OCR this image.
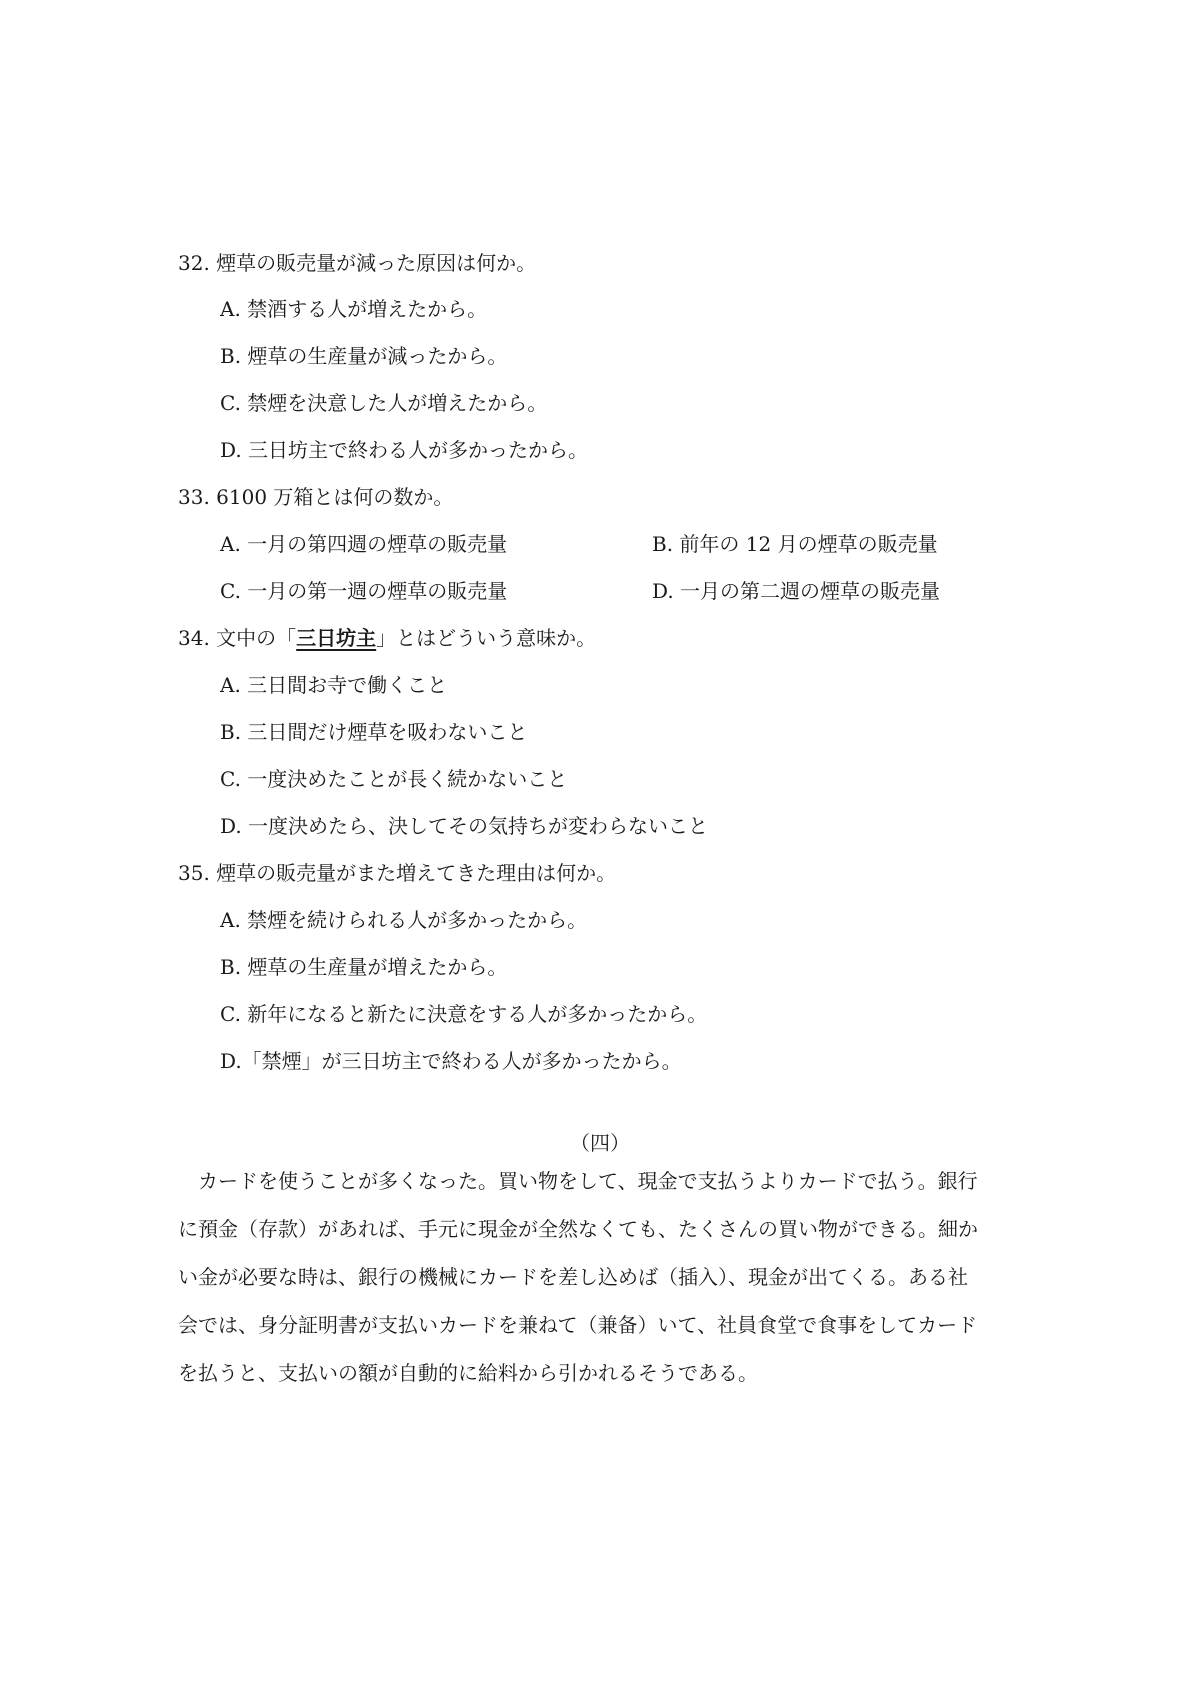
32. 煙草の販売量が減った原因は何か。
A. 禁酒する人が増えたから。
B. 煙草の生産量が減ったから。
C. 禁煙を決意した人が増えたから。
D. 三日坊主で終わる人が多かったから。
33. 6100 万箱とは何の数か。
A. 一月の第四週の煙草の販売量	B. 前年の 12 月の煙草の販売量
C. 一月の第一週の煙草の販売量	D. 一月の第二週の煙草の販売量
34. 文中の「三日坊主」とはどういう意味か。
A. 三日間お寺で働くこと
B. 三日間だけ煙草を吸わないこと
C. 一度決めたことが長く続かないこと
D. 一度決めたら、決してその気持ちが変わらないこと
35. 煙草の販売量がまた増えてきた理由は何か。
A. 禁煙を続けられる人が多かったから。
B. 煙草の生産量が増えたから。
C. 新年になると新たに決意をする人が多かったから。
D.「禁煙」が三日坊主で終わる人が多かったから。
（四）
　カードを使うことが多くなった。買い物をして、現金で支払うよりカードで払う。銀行
に預金（存款）があれば、手元に現金が全然なくても、たくさんの買い物ができる。細か
い金が必要な時は、銀行の機械にカードを差し込めば（插入）、現金が出てくる。ある社
会では、身分証明書が支払いカードを兼ねて（兼备）いて、社員食堂で食事をしてカード
を払うと、支払いの額が自動的に給料から引かれるそうである。
